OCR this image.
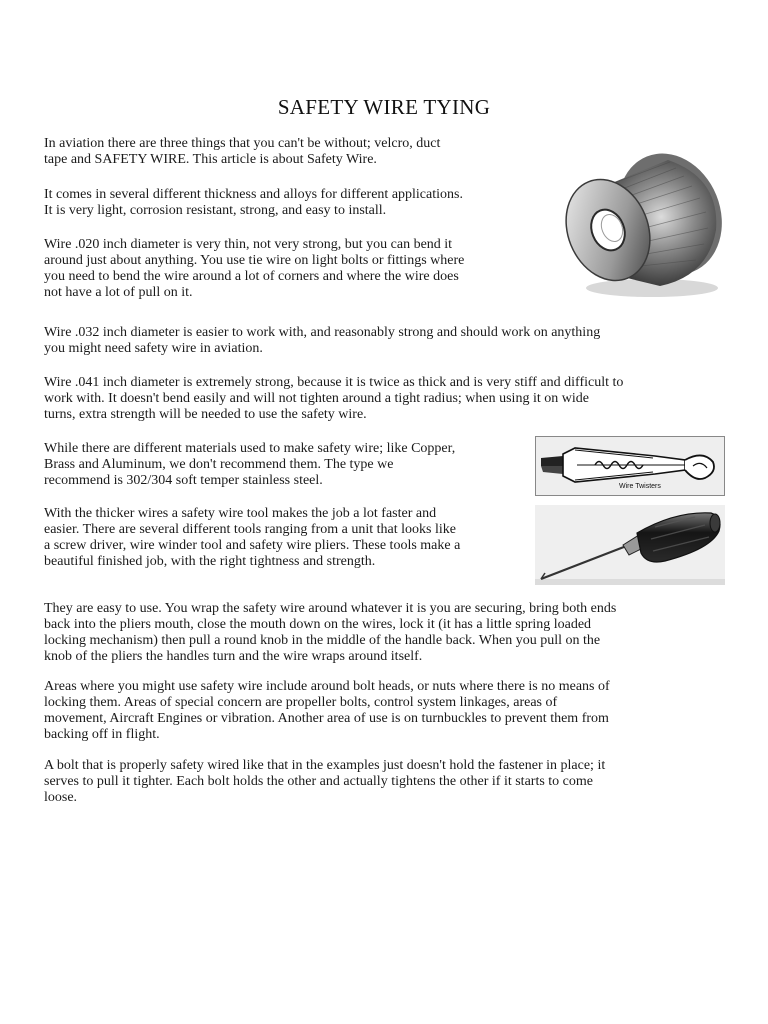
SAFETY WIRE TYING

In aviation there are three things that you can't be without; velcro, duct
tape and SAFETY WIRE. This article is about Safety Wire.

It comes in several different thickness and alloys for different applications.
It is very light, corrosion resistant, strong, and easy to install.

Wire .020 inch diameter is very thin, not very strong, but you can bend it
around just about anything. You use tie wire on light bolts or fittings where
you need to bend the wire around a lot of corners and where the wire does
not have a lot of pull on it.

Wire .032 inch diameter is easier to work with, and reasonably strong and should work on anything
you might need safety wire in aviation.

Wire .041 inch diameter is extremely strong, because it is twice as thick and is very stiff and difficult to
work with. It doesn't bend easily and will not tighten around a tight radius; when using it on wide
turns, extra strength will be needed to use the safety wire.

While there are different materials used to make safety wire; like Copper,
Brass and Aluminum, we don't recommend them. The type we
recommend is 302/304 soft temper stainless steel.

With the thicker wires a safety wire tool makes the job a lot faster and
easier. There are several different tools ranging from a unit that looks like
a screw driver, wire winder tool and safety wire pliers. These tools make a
beautiful finished job, with the right tightness and strength.

They are easy to use. You wrap the safety wire around whatever it is you are securing, bring both ends
back into the pliers mouth, close the mouth down on the wires, lock it (it has a little spring loaded
locking mechanism) then pull a round knob in the middle of the handle back. When you pull on the
knob of the pliers the handles turn and the wire wraps around itself.

Areas where you might use safety wire include around bolt heads, or nuts where there is no means of
locking them. Areas of special concern are propeller bolts, control system linkages, areas of
movement, Aircraft Engines or vibration. Another area of use is on turnbuckles to prevent them from
backing off in flight.

A bolt that is properly safety wired like that in the examples just doesn't hold the fastener in place; it
serves to pull it tighter. Each bolt holds the other and actually tightens the other if it starts to come
loose.

Wire Twisters
